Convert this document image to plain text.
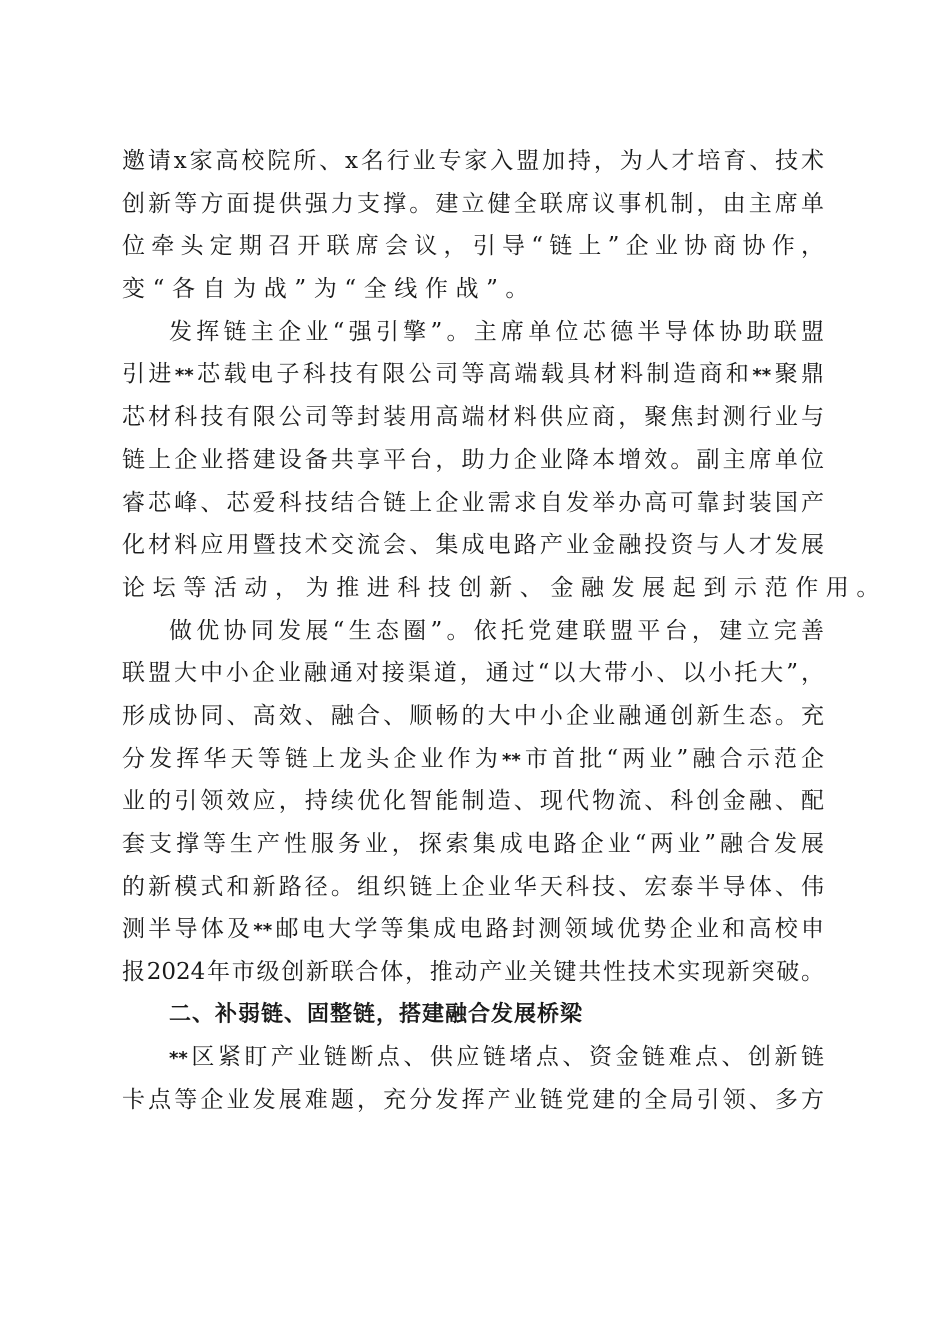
邀请x家高校院所、x名行业专家入盟加持，为人才培育、技术
创新等方面提供强力支撑。建立健全联席议事机制，由主席单
位牵头定期召开联席会议，引导“链上”企业协商协作，
变“各自为战”为“全线作战”。
发挥链主企业“强引擎”。主席单位芯德半导体协助联盟
引进**芯载电子科技有限公司等高端载具材料制造商和**聚鼎
芯材科技有限公司等封装用高端材料供应商，聚焦封测行业与
链上企业搭建设备共享平台，助力企业降本增效。副主席单位
睿芯峰、芯爱科技结合链上企业需求自发举办高可靠封装国产
化材料应用暨技术交流会、集成电路产业金融投资与人才发展
论坛等活动，为推进科技创新、金融发展起到示范作用。
做优协同发展“生态圈”。依托党建联盟平台，建立完善
联盟大中小企业融通对接渠道，通过“以大带小、以小托大”，
形成协同、高效、融合、顺畅的大中小企业融通创新生态。充
分发挥华天等链上龙头企业作为**市首批“两业”融合示范企
业的引领效应，持续优化智能制造、现代物流、科创金融、配
套支撑等生产性服务业，探索集成电路企业“两业”融合发展
的新模式和新路径。组织链上企业华天科技、宏泰半导体、伟
测半导体及**邮电大学等集成电路封测领域优势企业和高校申
报2024年市级创新联合体，推动产业关键共性技术实现新突破。
二、补弱链、固整链，搭建融合发展桥梁
**区紧盯产业链断点、供应链堵点、资金链难点、创新链
卡点等企业发展难题，充分发挥产业链党建的全局引领、多方
